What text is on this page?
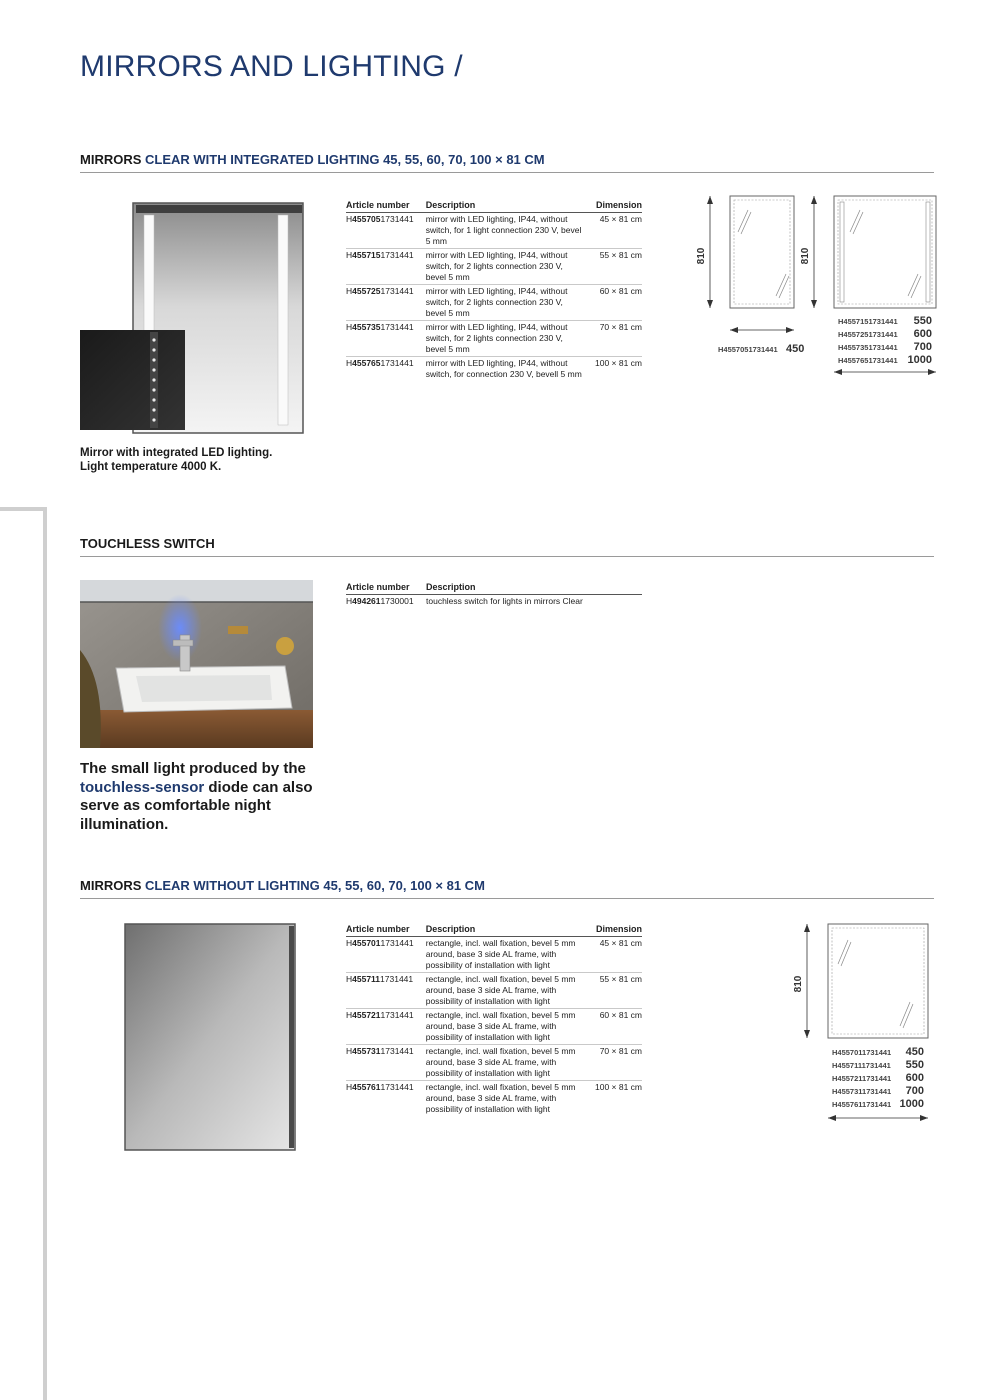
MIRRORS AND LIGHTING /
MIRRORS CLEAR WITH INTEGRATED LIGHTING 45, 55, 60, 70, 100 × 81 CM
Mirror with integrated LED lighting.
Light temperature 4000 K.
Article number	Description	Dimension
H4557051731441	mirror with LED lighting, IP44, without switch, for 1 light connection 230 V, bevel 5 mm	45 × 81 cm
H4557151731441	mirror with LED lighting, IP44, without switch, for 2 lights connection 230 V, bevel 5 mm	55 × 81 cm
H4557251731441	mirror with LED lighting, IP44, without switch, for 2 lights connection 230 V, bevel 5 mm	60 × 81 cm
H4557351731441	mirror with LED lighting, IP44, without switch, for 2 lights connection 230 V, bevel 5 mm	70 × 81 cm
H4557651731441	mirror with LED lighting, IP44, without switch, for connection 230 V, bevell 5 mm	100 × 81 cm
810
H4557051731441 450
810
H4557151731441 550
H4557251731441 600
H4557351731441 700
H4557651731441 1000
TOUCHLESS SWITCH
The small light produced by the touchless-sensor diode can also serve as comfortable night illumination.
Article number	Description
H4942611730001	touchless switch for lights in mirrors Clear
MIRRORS CLEAR WITHOUT LIGHTING 45, 55, 60, 70, 100 × 81 CM
Article number	Description	Dimension
H4557011731441	rectangle, incl. wall fixation, bevel 5 mm around, base 3 side AL frame, with possibility of installation with light	45 × 81 cm
H4557111731441	rectangle, incl. wall fixation, bevel 5 mm around, base 3 side AL frame, with possibility of installation with light	55 × 81 cm
H4557211731441	rectangle, incl. wall fixation, bevel 5 mm around, base 3 side AL frame, with possibility of installation with light	60 × 81 cm
H4557311731441	rectangle, incl. wall fixation, bevel 5 mm around, base 3 side AL frame, with possibility of installation with light	70 × 81 cm
H4557611731441	rectangle, incl. wall fixation, bevel 5 mm around, base 3 side AL frame, with possibility of installation with light	100 × 81 cm
810
H4557011731441 450
H4557111731441 550
H4557211731441 600
H4557311731441 700
H4557611731441 1000
